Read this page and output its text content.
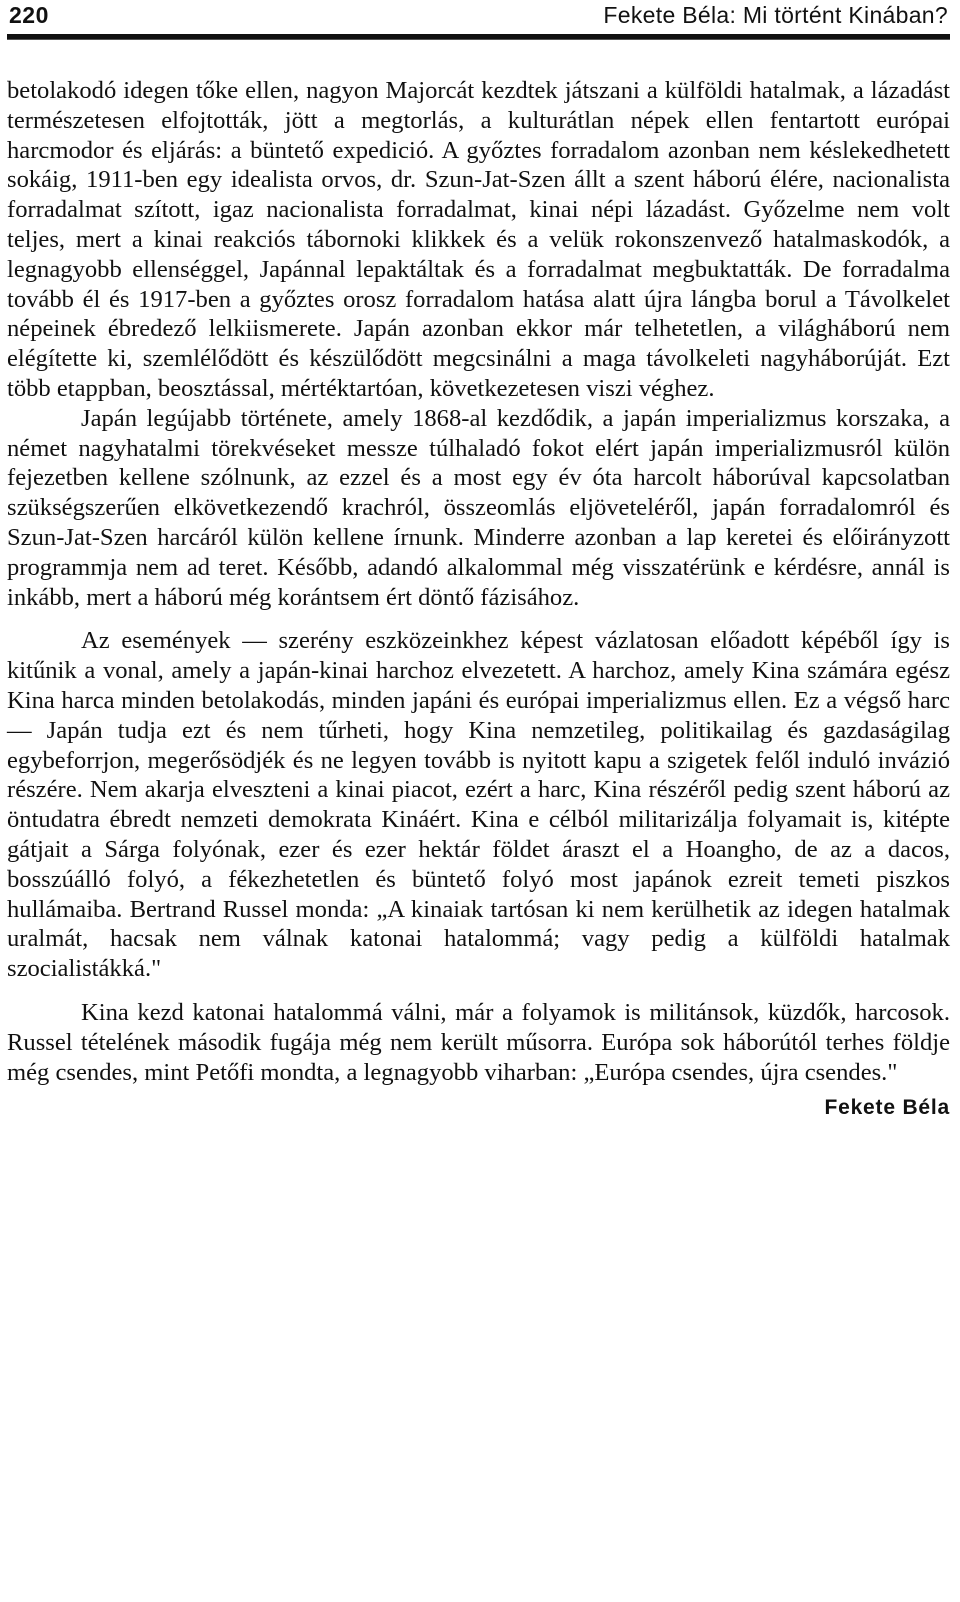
220	Fekete Béla: Mi történt Kinában?

betolakodó idegen tőke ellen, nagyon Majorcát kezdtek játszani a külföldi hatalmak, a lázadást természetesen elfojtották, jött a megtorlás, a kulturátlan népek ellen fentartott európai harcmodor és eljárás: a büntető expedició. A győztes forradalom azonban nem késlekedhetett sokáig, 1911-ben egy idealista orvos, dr. Szun-Jat-Szen állt a szent háború élére, nacionalista forradalmat szított, igaz nacionalista forradalmat, kinai népi lázadást. Győzelme nem volt teljes, mert a kinai reakciós tábornoki klikkek és a velük rokonszenvező hatalmaskodók, a legnagyobb ellenséggel, Japánnal lepaktáltak és a forradalmat megbuktatták. De forradalma tovább él és 1917-ben a győztes orosz forradalom hatása alatt újra lángba borul a Távolkelet népeinek ébredező lelkiismerete. Japán azonban ekkor már telhetetlen, a világháború nem elégítette ki, szemlélődött és készülődött megcsinálni a maga távolkeleti nagyháborúját. Ezt több etappban, beosztással, mértéktartóan, következetesen viszi véghez.

Japán legújabb története, amely 1868-al kezdődik, a japán imperializmus korszaka, a német nagyhatalmi törekvéseket messze túlhaladó fokot elért japán imperializmusról külön fejezetben kellene szólnunk, az ezzel és a most egy év óta harcolt háborúval kapcsolatban szükségszerűen elkövetkezendő krachról, összeomlás eljöveteléről, japán forradalomról és Szun-Jat-Szen harcáról külön kellene írnunk. Minderre azonban a lap keretei és előirányzott programmja nem ad teret. Később, adandó alkalommal még visszatérünk e kérdésre, annál is inkább, mert a háború még korántsem ért döntő fázisához.

Az események — szerény eszközeinkhez képest vázlatosan előadott képéből így is kitűnik a vonal, amely a japán-kinai harchoz elvezetett. A harchoz, amely Kina számára egész Kina harca minden betolakodás, minden japáni és európai imperializmus ellen. Ez a végső harc — Japán tudja ezt és nem tűrheti, hogy Kina nemzetileg, politikailag és gazdaságilag egybeforrjon, megerősödjék és ne legyen tovább is nyitott kapu a szigetek felől induló invázió részére. Nem akarja elveszteni a kinai piacot, ezért a harc, Kina részéről pedig szent háború az öntudatra ébredt nemzeti demokrata Kináért. Kina e célból militarizálja folyamait is, kitépte gátjait a Sárga folyónak, ezer és ezer hektár földet áraszt el a Hoangho, de az a dacos, bosszúálló folyó, a fékezhetetlen és büntető folyó most japánok ezreit temeti piszkos hullámaiba. Bertrand Russel monda: „A kinaiak tartósan ki nem kerülhetik az idegen hatalmak uralmát, hacsak nem válnak katonai hatalommá; vagy pedig a külföldi hatalmak szocialistákká."

Kina kezd katonai hatalommá válni, már a folyamok is militánsok, küzdők, harcosok. Russel tételének második fugája még nem került műsorra. Európa sok háborútól terhes földje még csendes, mint Petőfi mondta, a legnagyobb viharban: „Európa csendes, újra csendes."
Fekete Béla
